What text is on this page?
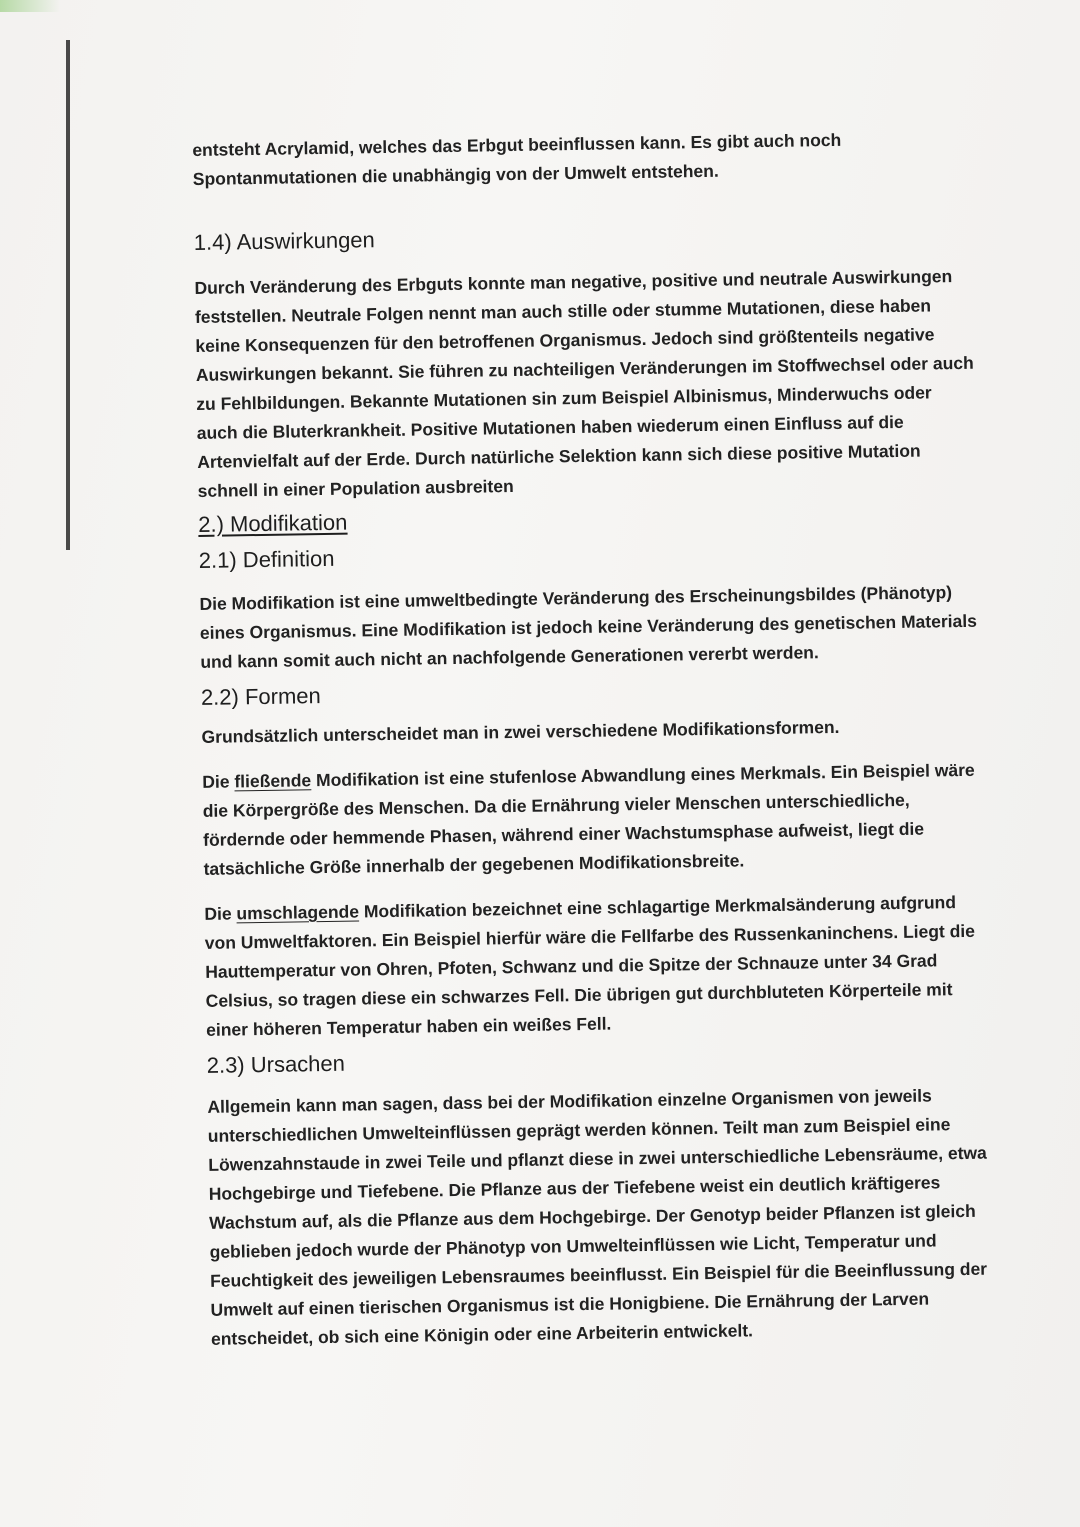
entsteht Acrylamid, welches das Erbgut beeinflussen kann. Es gibt auch noch Spontanmutationen die unabhängig von der Umwelt entstehen.

1.4) Auswirkungen

Durch Veränderung des Erbguts konnte man negative, positive und neutrale Auswirkungen feststellen. Neutrale Folgen nennt man auch stille oder stumme Mutationen, diese haben keine Konsequenzen für den betroffenen Organismus. Jedoch sind größtenteils negative Auswirkungen bekannt. Sie führen zu nachteiligen Veränderungen im Stoffwechsel oder auch zu Fehlbildungen. Bekannte Mutationen sin zum Beispiel Albinismus, Minderwuchs oder auch die Bluterkrankheit. Positive Mutationen haben wiederum einen Einfluss auf die Artenvielfalt auf der Erde. Durch natürliche Selektion kann sich diese positive Mutation schnell in einer Population ausbreiten

2.) Modifikation
2.1) Definition

Die Modifikation ist eine umweltbedingte Veränderung des Erscheinungsbildes (Phänotyp) eines Organismus. Eine Modifikation ist jedoch keine Veränderung des genetischen Materials und kann somit auch nicht an nachfolgende Generationen vererbt werden.

2.2) Formen

Grundsätzlich unterscheidet man in zwei verschiedene Modifikationsformen.

Die fließende Modifikation ist eine stufenlose Abwandlung eines Merkmals. Ein Beispiel wäre die Körpergröße des Menschen. Da die Ernährung vieler Menschen unterschiedliche, fördernde oder hemmende Phasen, während einer Wachstumsphase aufweist, liegt die tatsächliche Größe innerhalb der gegebenen Modifikationsbreite.

Die umschlagende Modifikation bezeichnet eine schlagartige Merkmalsänderung aufgrund von Umweltfaktoren. Ein Beispiel hierfür wäre die Fellfarbe des Russenkaninchens. Liegt die Hauttemperatur von Ohren, Pfoten, Schwanz und die Spitze der Schnauze unter 34 Grad Celsius, so tragen diese ein schwarzes Fell. Die übrigen gut durchbluteten Körperteile mit einer höheren Temperatur haben ein weißes Fell.

2.3) Ursachen

Allgemein kann man sagen, dass bei der Modifikation einzelne Organismen von jeweils unterschiedlichen Umwelteinflüssen geprägt werden können. Teilt man zum Beispiel eine Löwenzahnstaude in zwei Teile und pflanzt diese in zwei unterschiedliche Lebensräume, etwa Hochgebirge und Tiefebene. Die Pflanze aus der Tiefebene weist ein deutlich kräftigeres Wachstum auf, als die Pflanze aus dem Hochgebirge. Der Genotyp beider Pflanzen ist gleich geblieben jedoch wurde der Phänotyp von Umwelteinflüssen wie Licht, Temperatur und Feuchtigkeit des jeweiligen Lebensraumes beeinflusst. Ein Beispiel für die Beeinflussung der Umwelt auf einen tierischen Organismus ist die Honigbiene. Die Ernährung der Larven entscheidet, ob sich eine Königin oder eine Arbeiterin entwickelt.
